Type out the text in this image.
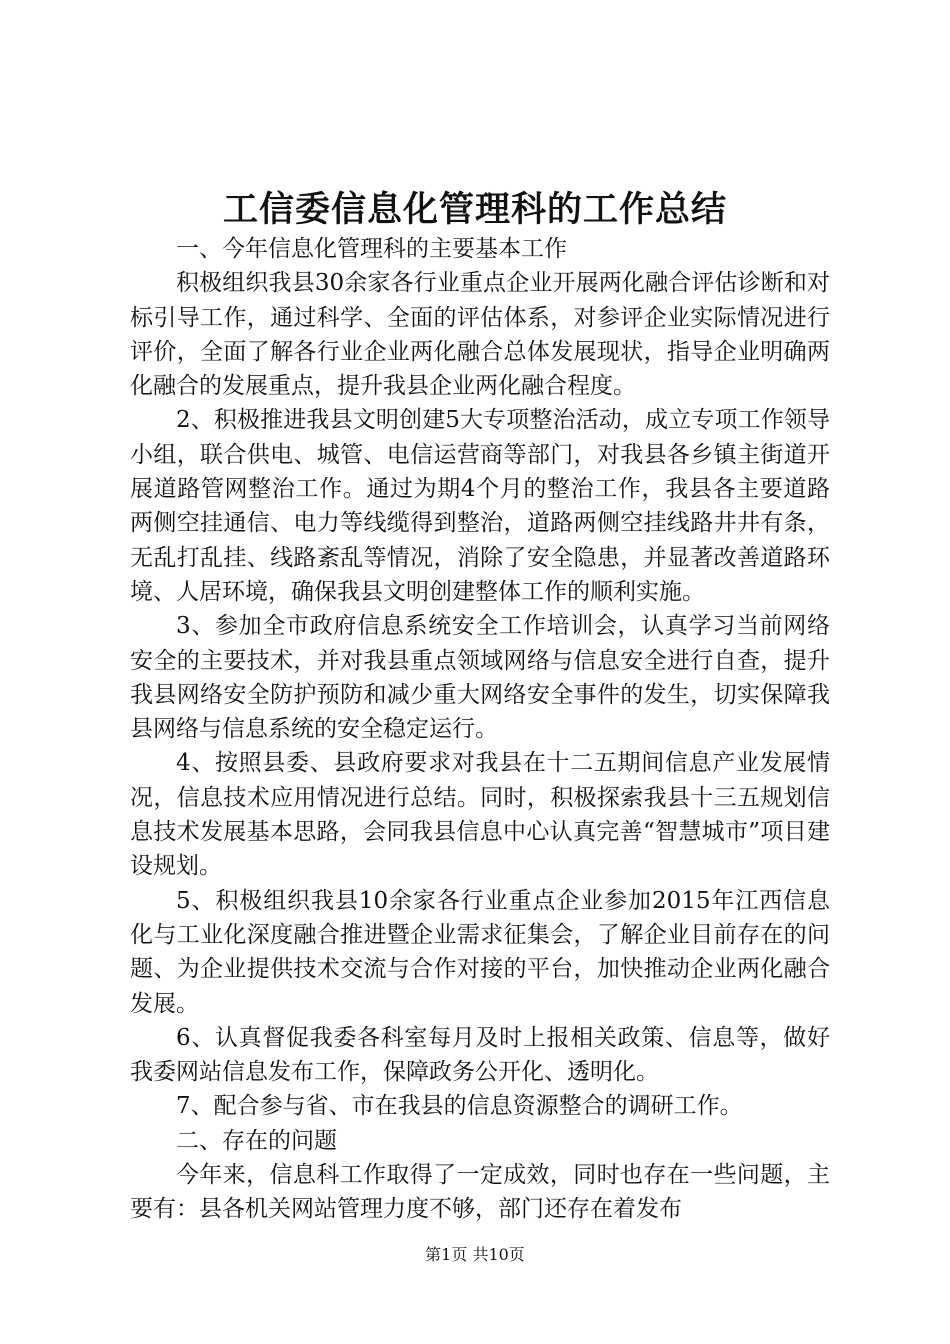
工信委信息化管理科的工作总结

一、今年信息化管理科的主要基本工作

积极组织我县30余家各行业重点企业开展两化融合评估诊断和对标引导工作，通过科学、全面的评估体系，对参评企业实际情况进行评价，全面了解各行业企业两化融合总体发展现状，指导企业明确两化融合的发展重点，提升我县企业两化融合程度。

2、积极推进我县文明创建5大专项整治活动，成立专项工作领导小组，联合供电、城管、电信运营商等部门，对我县各乡镇主街道开展道路管网整治工作。通过为期4个月的整治工作，我县各主要道路两侧空挂通信、电力等线缆得到整治，道路两侧空挂线路井井有条，无乱打乱挂、线路紊乱等情况，消除了安全隐患，并显著改善道路环境、人居环境，确保我县文明创建整体工作的顺利实施。

3、参加全市政府信息系统安全工作培训会，认真学习当前网络安全的主要技术，并对我县重点领域网络与信息安全进行自查，提升我县网络安全防护预防和减少重大网络安全事件的发生，切实保障我县网络与信息系统的安全稳定运行。

4、按照县委、县政府要求对我县在十二五期间信息产业发展情况，信息技术应用情况进行总结。同时，积极探索我县十三五规划信息技术发展基本思路，会同我县信息中心认真完善“智慧城市”项目建设规划。

5、积极组织我县10余家各行业重点企业参加2015年江西信息化与工业化深度融合推进暨企业需求征集会，了解企业目前存在的问题、为企业提供技术交流与合作对接的平台，加快推动企业两化融合发展。

6、认真督促我委各科室每月及时上报相关政策、信息等，做好我委网站信息发布工作，保障政务公开化、透明化。

7、配合参与省、市在我县的信息资源整合的调研工作。

二、存在的问题

今年来，信息科工作取得了一定成效，同时也存在一些问题，主要有：县各机关网站管理力度不够，部门还存在着发布

第1页 共10页
